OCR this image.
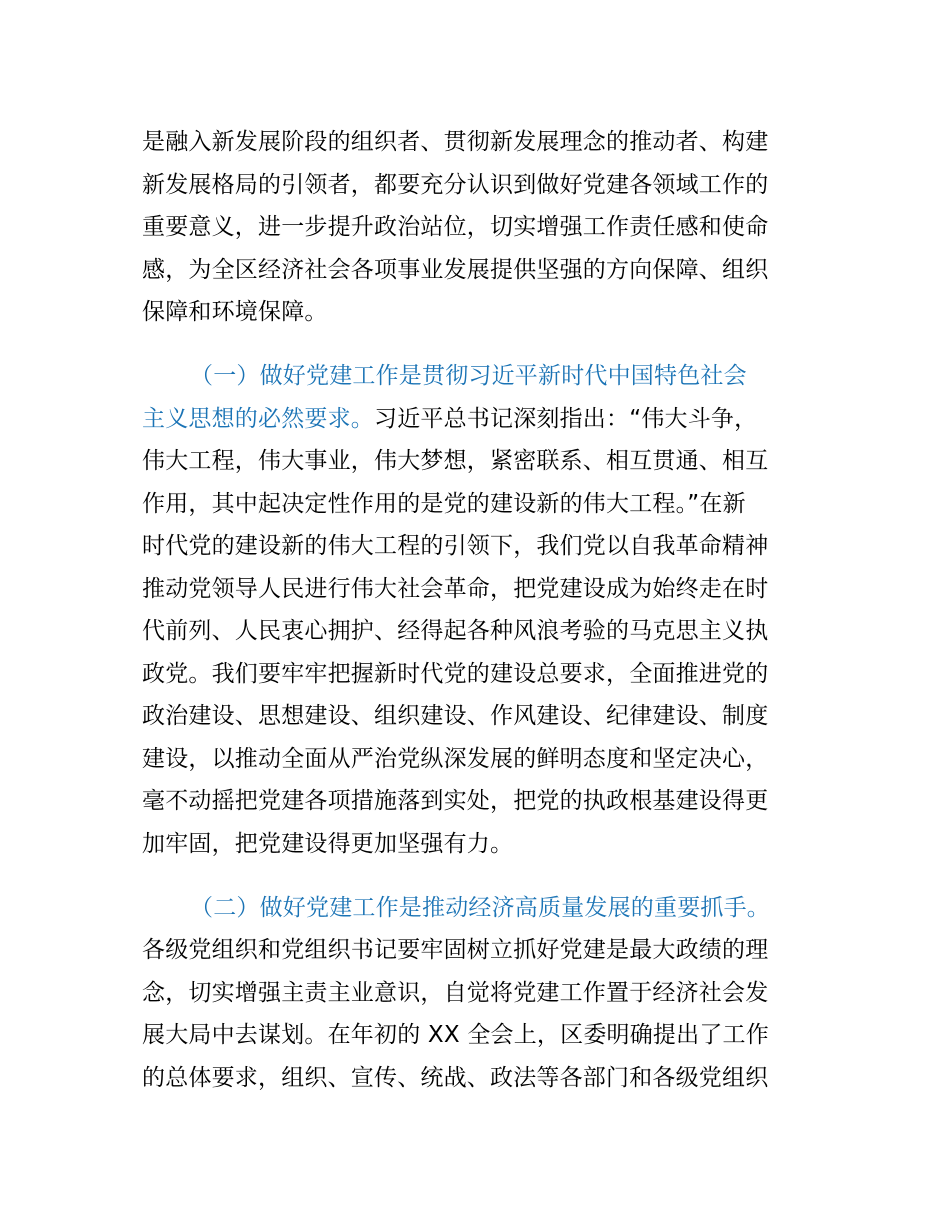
是融入新发展阶段的组织者、贯彻新发展理念的推动者、构建
新发展格局的引领者，都要充分认识到做好党建各领域工作的
重要意义，进一步提升政治站位，切实增强工作责任感和使命
感，为全区经济社会各项事业发展提供坚强的方向保障、组织
保障和环境保障。
（一）做好党建工作是贯彻习近平新时代中国特色社会
主义思想的必然要求。习近平总书记深刻指出：“伟大斗争，
伟大工程，伟大事业，伟大梦想，紧密联系、相互贯通、相互
作用，其中起决定性作用的是党的建设新的伟大工程。”在新
时代党的建设新的伟大工程的引领下，我们党以自我革命精神
推动党领导人民进行伟大社会革命，把党建设成为始终走在时
代前列、人民衷心拥护、经得起各种风浪考验的马克思主义执
政党。我们要牢牢把握新时代党的建设总要求，全面推进党的
政治建设、思想建设、组织建设、作风建设、纪律建设、制度
建设，以推动全面从严治党纵深发展的鲜明态度和坚定决心，
毫不动摇把党建各项措施落到实处，把党的执政根基建设得更
加牢固，把党建设得更加坚强有力。
（二）做好党建工作是推动经济高质量发展的重要抓手。
各级党组织和党组织书记要牢固树立抓好党建是最大政绩的理
念，切实增强主责主业意识，自觉将党建工作置于经济社会发
展大局中去谋划。在年初的 XX 全会上，区委明确提出了工作
的总体要求，组织、宣传、统战、政法等各部门和各级党组织
